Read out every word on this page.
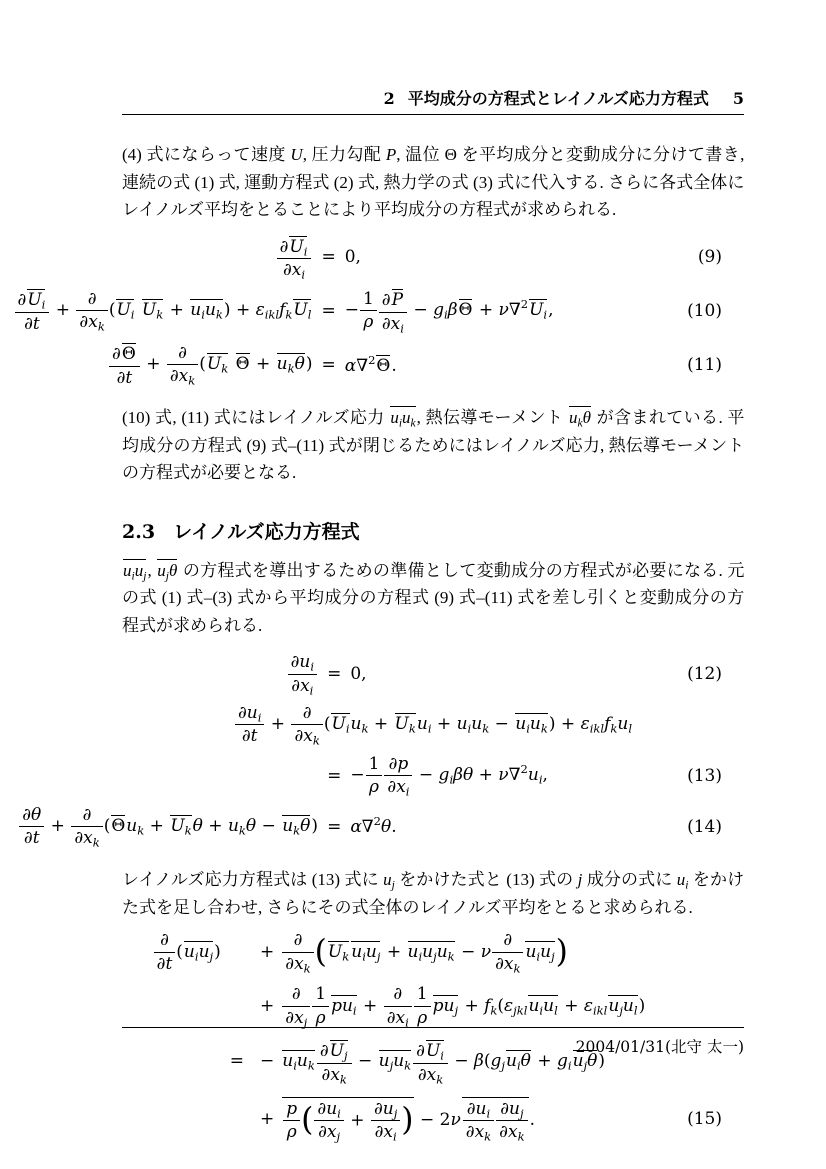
2 平均成分の方程式とレイノルズ応力方程式 5

(4) 式にならって速度 U, 圧力勾配 P, 温位 Θ を平均成分と変動成分に分けて書き, 連続の式 (1) 式, 運動方程式 (2) 式, 熱力学の式 (3) 式に代入する. さらに各式全体にレイノルズ平均をとることにより平均成分の方程式が求められる.

$\frac{\partial U_i}{\partial x_i} = 0$,	(9)
$\frac{\partial U_i}{\partial t} + \frac{\partial}{\partial x_k} (U_i$ $U_k + u_iu_k) + \varepsilon_{ikl}f_kU_l$ = − $\frac{1}{\rho} \frac{\partial P}{\partial x_i} - g_i\beta\Theta + \nu\nabla^2U_i$,	(10)
$\frac{\partial\Theta}{\partial t} + \frac{\partial}{\partial x_k} (U_k$ $\Theta + u_k\theta) = \alpha\nabla^2\Theta$.	(11)

(10) 式, (11) 式にはレイノルズ応力 $u_iu_k$, 熱伝導モーメント $u_k\theta$ が含まれている. 平均成分の方程式 (9) 式–(11) 式が閉じるためにはレイノルズ応力, 熱伝導モーメントの方程式が必要となる.

2.3 レイノルズ応力方程式

$u_iu_j$, $u_j\theta$ の方程式を導出するための準備として変動成分の方程式が必要になる. 元の式 (1) 式–(3) 式から平均成分の方程式 (9) 式–(11) 式を差し引くと変動成分の方程式が求められる.

$\frac{\partial u_i}{\partial x_i} = 0$,	(12)
$\frac{\partial u_i}{\partial t} + \frac{\partial}{\partial x_k} (U_iu_k + U_ku_i + u_iu_k - u_iu_k) + \varepsilon_{ikl}f_ku_l$
= − $\frac{1}{\rho} \frac{\partial p}{\partial x_i} - g_i\beta\theta + \nu\nabla^2u_i$,	(13)
$\frac{\partial\theta}{\partial t} + \frac{\partial}{\partial x_k} (\Theta u_k + U_k\theta + u_k\theta - u_k\theta) = \alpha\nabla^2\theta$.	(14)

レイノルズ応力方程式は (13) 式に $u_j$ をかけた式と (13) 式の j 成分の式に $u_i$ をかけた式を足し合わせ, さらにその式全体のレイノルズ平均をとると求められる.

$\frac{\partial}{\partial t} (u_iu_j)$	+ $\frac{\partial}{\partial x_k} (U_k$ $u_iu_j + u_iu_ju_k - \nu \frac{\partial}{\partial x_k} u_iu_j$)
+ $\frac{\partial}{\partial x_j} \frac{1}{\rho} pu_i + \frac{\partial}{\partial x_i} \frac{1}{\rho} pu_j + f_k(\varepsilon_{jkl}u_iu_l + \varepsilon_{ikl}u_ju_l)$
= − $u_iu_k \frac{\partial U_j}{\partial x_k} - u_ju_k \frac{\partial U_i}{\partial x_k} - \beta(g_ju_i\theta + g_iu_j\theta)$
+ $\frac{p}{\rho}$ ( $\frac{\partial u_i}{\partial x_j} + \frac{\partial u_j}{\partial x_i}$ ) − $2\nu \frac{\partial u_i}{\partial x_k} \frac{\partial u_j}{\partial x_k}$ .	(15)
2004/01/31(北守 太一)
